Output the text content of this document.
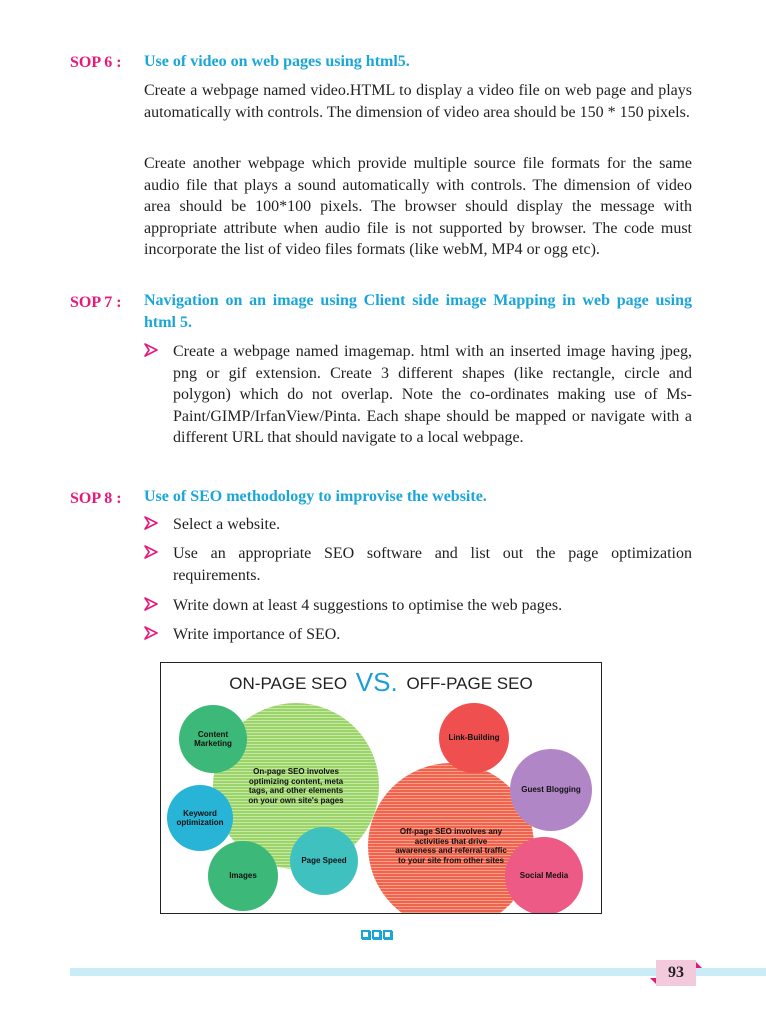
SOP 6 :	Use of video on web pages using html5.

Create a webpage named video.HTML to display a video file on web page and plays automatically with controls. The dimension of video area should be 150 * 150 pixels.

Create another webpage which provide multiple source file formats for the same audio file that plays a sound automatically with controls. The dimension of video area should be 100*100 pixels. The browser should display the message with appropriate attribute when audio file is not supported by browser. The code must incorporate the list of video files formats (like webM, MP4 or ogg etc).

SOP 7 :	Navigation on an image using Client side image Mapping in web page using html 5.
Create a webpage named imagemap. html with an inserted image having jpeg, png or gif extension. Create 3 different shapes (like rectangle, circle and polygon) which do not overlap. Note the co-ordinates making use of Ms-Paint/GIMP/IrfanView/Pinta. Each shape should be mapped or navigate with a different URL that should navigate to a local webpage.
SOP 8 :	Use of SEO methodology to improvise the website.
Select a website.
Use an appropriate SEO software and list out the page optimization requirements.
Write down at least 4 suggestions to optimise the web pages.
Write importance of SEO.
ON-PAGE SEO VS. OFF-PAGE SEO
On-page SEO involves optimizing content, meta tags, and other elements on your own site's pages
Off-page SEO involves any activities that drive awareness and referral traffic to your site from other sites
Content Marketing
Keyword optimization
Images
Page Speed
Link-Building
Guest Blogging
Social Media
93
